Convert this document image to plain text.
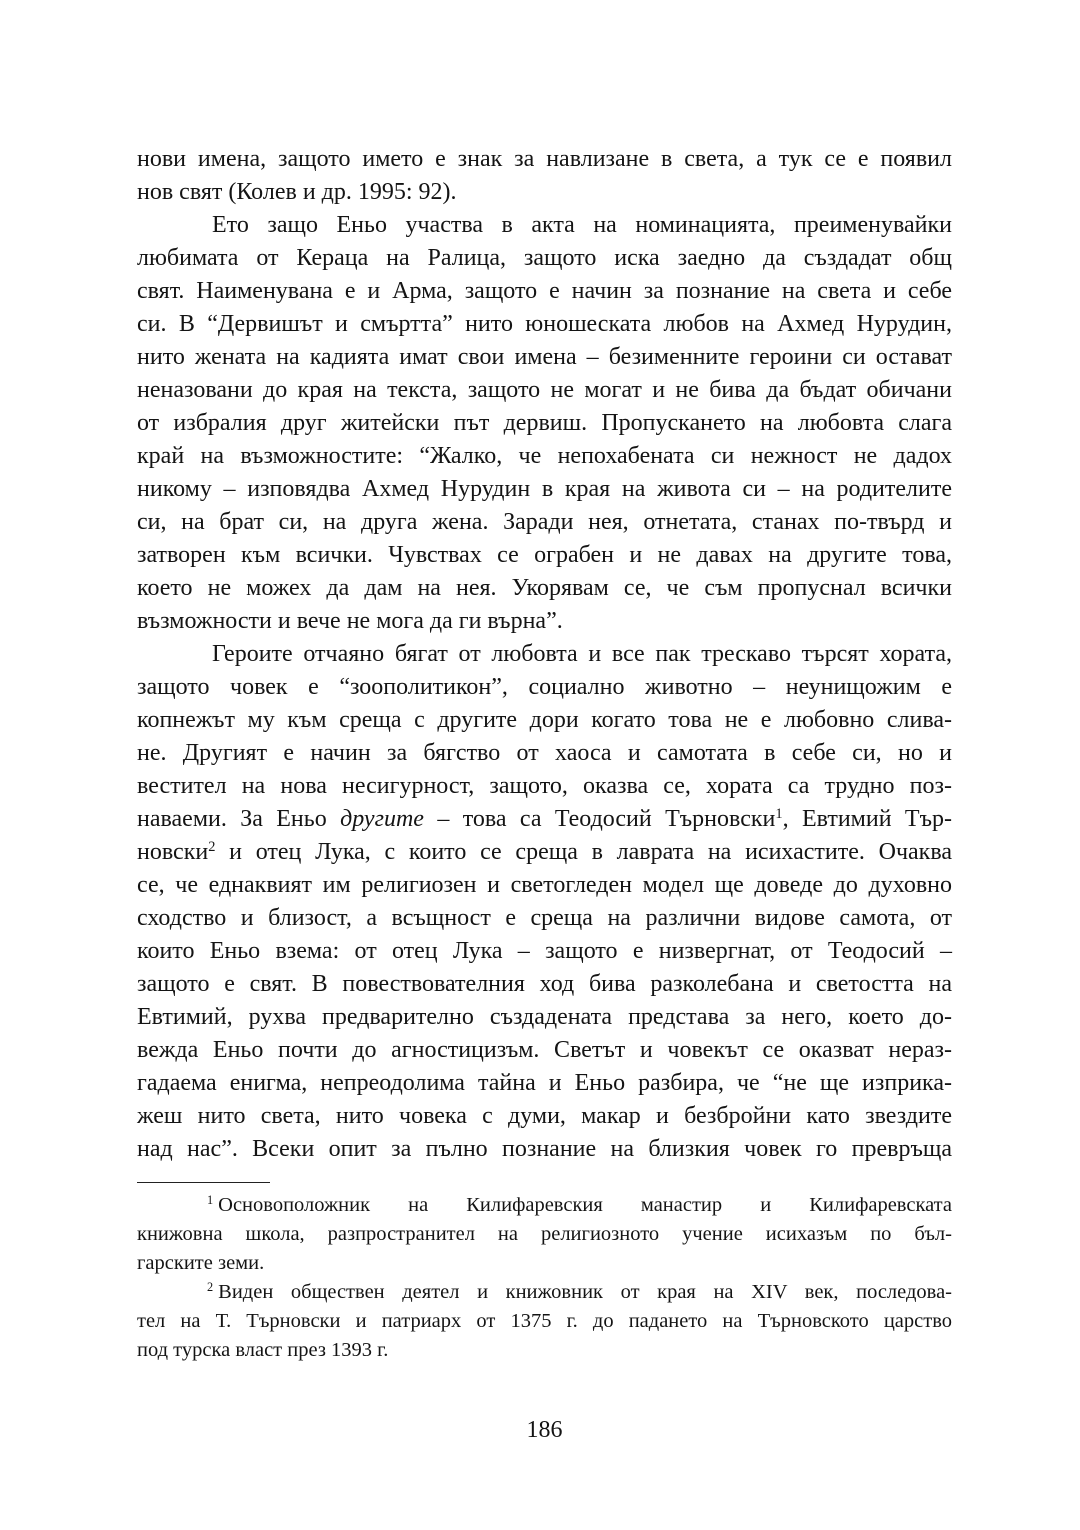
нови имена, защото името е знак за навлизане в света, а тук се е появил
нов свят (Колев и др. 1995: 92).
Ето защо Еньо участва в акта на номинацията, преименувайки
любимата от Кераца на Ралица, защото иска заедно да създадат общ
свят. Наименувана е и Арма, защото е начин за познание на света и себе
си. В “Дервишът и смъртта” нито юношеската любов на Ахмед Нурудин,
нито жената на кадията имат свои имена – безименните героини си остават
неназовани до края на текста, защото не могат и не бива да бъдат обичани
от избралия друг житейски път дервиш. Пропускането на любовта слага
край на възможностите: “Жалко, че непохабената си нежност не дадох
никому – изповядва Ахмед Нурудин в края на живота си – на родителите
си, на брат си, на друга жена. Заради нея, отнетата, станах по-твърд и
затворен към всички. Чувствах се ограбен и не давах на другите това,
което не можех да дам на нея. Укорявам се, че съм пропуснал всички
възможности и вече не мога да ги върна”.
Героите отчаяно бягат от любовта и все пак трескаво търсят хората,
защото човек е “зоополитикон”, социално животно – неунищожим е
копнежът му към среща с другите дори когато това не е любовно слива-
не. Другият е начин за бягство от хаоса и самотата в себе си, но и
вестител на нова несигурност, защото, оказва се, хората са трудно поз-
наваеми. За Еньо другите – това са Теодосий Търновски$^1$, Евтимий Тър-
новски$^2$ и отец Лука, с които се среща в лаврата на исихастите. Очаква
се, че еднаквият им религиозен и светогледен модел ще доведе до духовно
сходство и близост, а всъщност е среща на различни видове самота, от
които Еньо взема: от отец Лука – защото е низвергнат, от Теодосий –
защото е свят. В повествователния ход бива разколебана и светостта на
Евтимий, рухва предварително създадената представа за него, което до-
вежда Еньо почти до агностицизъм. Светът и човекът се оказват нераз-
гадаема енигма, непреодолима тайна и Еньо разбира, че “не ще изприка-
жеш нито света, нито човека с думи, макар и безбройни като звездите
над нас”. Всеки опит за пълно познание на близкия човек го превръща
$^1$ Основоположник на Килифаревския манастир и Килифаревската
книжовна школа, разпространител на религиозното учение исихазъм по бъл-
гарските земи.
$^2$ Виден обществен деятел и книжовник от края на XIV век, последова-
тел на Т. Търновски и патриарх от 1375 г. до падането на Търновското царство
под турска власт през 1393 г.
186
